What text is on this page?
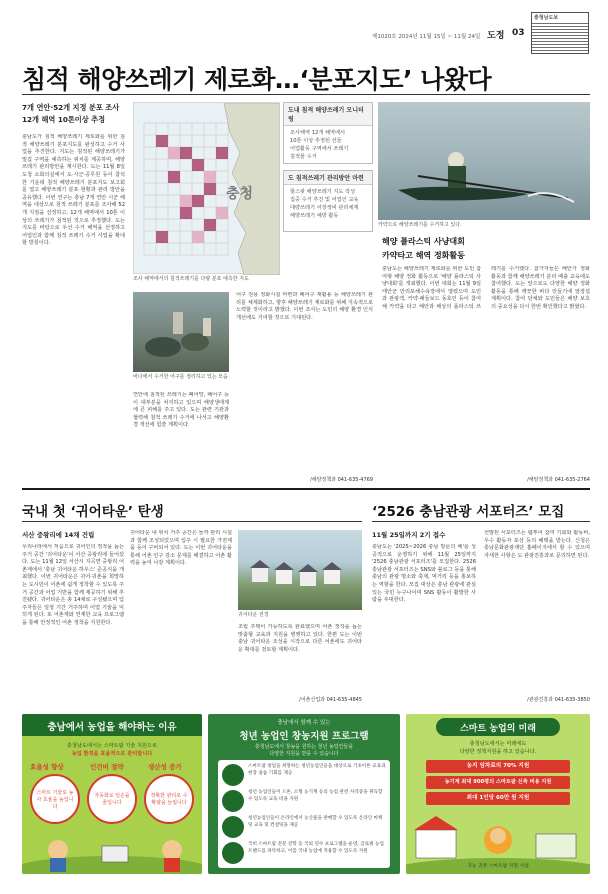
제1020호 2024년 11월 15일 ~ 11월 24일 도정 03
충청남도보
침적 해양쓰레기 제로화…‘분포지도’ 나왔다
7개 연안·52개 지정 분포 조사
12개 해역 10톤이상 추정

충남도가 침적 해양쓰레기 제로화를 위한 침적 해양쓰레기 분포지도를 완성하고 수거 사업을 추진한다. 지도는 침적된 해양쓰레기가 밀집 구역을 예측하는 위치를 제공하며, 해양쓰레기 관리방안을 제시한다. 도는 11월 8일 도청 소회의실에서 도·시군·공무원 등이 참석한 가운데 침적 해양쓰레기 분포지도 보고회를 열고 해양쓰레기 분포 현황과 관리 방안을 공유했다. 이번 연구는 충남 7개 연안 시군 해역을 대상으로 침적 쓰레기 분포를 조사해 52개 지점을 선정하고, 12개 해역에서 10톤 이상의 쓰레기가 침적된 것으로 추정했다. 도는 지도를 바탕으로 우선 수거 해역을 선정하고 어업인과 함께 침적 쓰레기 수거 사업을 확대할 방침이다.

충청
조사 해역에서의 침적쓰레기를 다량 분포 예측한 지도
도내 침적 해양쓰레기 모니터링
조사해역 12개 해역에서
10톤 이상 추정된 선들
어업활동 구역에서 쓰레기
침적물 수거
도 침적쓰레기 관리방안 마련
핫스팟 해양쓰레기 지도 작성
집중 수거 추진 및 어업인 교육
대량쓰레기 어장정비 관리체계
해양쓰레기 예방 활동
바다에서 수거한 어구를 정리하고 있는 모습

연안에 침적된 쓰레기는 폐어망, 폐어구 등이 대부분을 차지하고 있으며 해양생태계에 큰 피해를 주고 있다. 도는 관련 기관과 협력해 침적 쓰레기 수거에 나서고 해양환경 개선에 힘쓸 계획이다.

어구 전용 정화시설 마련과 폐어구 재활용 등 해양쓰레기 관리를 체계화하고, 향후 해양쓰레기 제로화를 위해 지속적으로 노력할 것이라고 밝혔다. 이번 조사는 도민의 해양 환경 인식 개선에도 기여할 것으로 기대된다.

/해양정책과 041-635-4769
카약으로 해양쓰레기를 수거하고 있다.
해양 플라스틱 사냥대회
카약타고 해역 정화활동

충남도는 해양쓰레기 제로화를 위한 도민 참여형 해양 정화 활동으로 '해양 플라스틱 사냥대회'를 개최했다. 이번 대회는 11월 9일 태안군 만리포해수욕장에서 열렸으며 도민과 관광객, 카약·패들보드 동호인 등이 참여해 카약을 타고 해안과 해상의 플라스틱 쓰레기를 수거했다. 참가자들은 해안가 정화 활동과 함께 해양쓰레기 분리 배출 교육에도 참여했다. 도는 앞으로도 다양한 해양 정화 활동을 통해 깨끗한 바다 만들기에 앞장설 계획이다. 참여 단체와 도민들은 해양 보호의 중요성을 다시 한번 확인했다고 밝혔다.

/해양정책과 041-635-2764
국내 첫 ‘귀어타운’ 탄생
서산 중왕리에 14채 건립

우리나라에서 처음으로 귀어인의 정착을 돕는 주거 공간 '귀어타운'이 서산 중왕리에 들어섰다. 도는 11월 12일 서산시 지곡면 중왕리 어촌계에서 '충남 귀어타운 하우스' 준공식을 개최했다. 이번 귀어타운은 귀어·귀촌을 희망하는 도시민이 어촌에 쉽게 정착할 수 있도록 주거 공간과 어업 기반을 함께 제공하기 위해 추진됐다. 귀어타운은 총 14채로 구성됐으며 입주자들은 일정 기간 거주하며 어업 기술을 익히게 된다. 또 어촌계와 연계한 교육 프로그램을 통해 안정적인 어촌 정착을 지원한다.

귀어타운 내 위치 거주 공간은 놀까 관리 시설과 함께 조성되었으며 입주 시 필요한 가전제품 등이 구비되어 있다. 도는 이번 귀어타운을 통해 어촌 인구 감소 문제를 해결하고 어촌 활력을 높여 나갈 계획이다.

귀어타운 전경

조립 주택이 가능하도록 완료했으며 어촌 정착을 돕는 맞춤형 교육과 지원을 병행하고 있다. 한편 도는 이번 충남 귀어타운 조성을 시작으로 다른 어촌에도 귀어타운 확대를 검토할 계획이다.

/어촌산업과 041-635-4845
‘2526 충남관광 서포터즈’ 모집
11월 25일까지 2기 접수

충남도는 '2025~2026 충남 방문의 해'를 성공적으로 운영하기 위해 11월 25일까지 '2526 충남관광 서포터즈'를 모집한다. 2526 충남관광 서포터즈는 SNS와 블로그 등을 통해 충남의 관광 명소와 축제, 먹거리 등을 홍보하는 역할을 한다. 모집 대상은 충남 관광에 관심 있는 국민 누구나이며 SNS 활동이 활발한 사람을 우대한다.

선발된 서포터즈는 팸투어 참여 기회와 활동비, 우수 활동자 포상 등의 혜택을 받는다. 신청은 충남문화관광재단 홈페이지에서 할 수 있으며 자세한 사항은 도 관광진흥과로 문의하면 된다.

/관광진흥과 041-635-3850
충남에서 농업을 해야하는 이유
충청남도에서는 스마트팜 기술 지원으로
농업 환경을 효율적으로 관리합니다
효율성 향상	인건비 절약	생산성 증가
스마트 기술로 농사 효율을 높입니다
자동화로 일손을 줄입니다
정확한 관리로 수확량을 늘립니다
충남에서 함께 수 있는
청년 농업인 창농지원 프로그램
충청남도에서 창농을 원하는 청년 농업인들을
다양한 지원을 받을 수 있습니다
스마트팜 창업을 희망하는 청년농업인들을 대상으로 기초이론 교육과 현장 실습 기회를 제공
청년 농업인들이 드론, 소형 농기계 등의 농업 관련 자격증을 취득할 수 있도록 교육 비용 지원
청년농업인들이 온라인에서 농산물을 판매할 수 있도록 온라인 마케팅 교육 및 컨설팅을 제공
국비 스마트팜 전문 견학 등 국외 연수 프로그램을 운영, 글로벌 농업 트렌드를 파악하고, 이를 국내 농업에 적용할 수 있도록 지원
스마트 농업의 미래
충청남도에서는 미래에도
다양한 정책지원을 하고 있습니다.
농지 임차료의 70% 지원
농기계 최대 900평의 스마트팜 신축 비용 지원
최대 1인당 60만 원 지원
귀농 귀촌 스마트팜 지원 사업
